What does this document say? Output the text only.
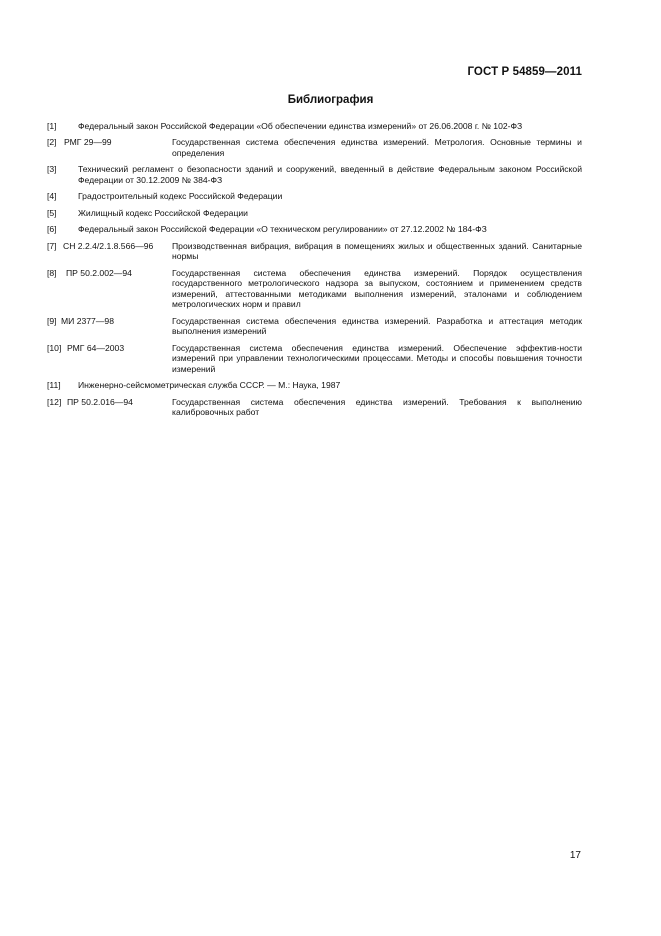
ГОСТ Р 54859—2011
Библиография
[1] Федеральный закон Российской Федерации «Об обеспечении единства измерений» от 26.06.2008 г. № 102-ФЗ
[2] РМГ 29—99	Государственная система обеспечения единства измерений. Метрология. Основные термины и определения
[3] Технический регламент о безопасности зданий и сооружений, введенный в действие Федеральным законом Российской Федерации от 30.12.2009 № 384-ФЗ
[4] Градостроительный кодекс Российской Федерации
[5] Жилищный кодекс Российской Федерации
[6] Федеральный закон Российской Федерации «О техническом регулировании» от 27.12.2002 № 184-ФЗ
[7] СН 2.2.4/2.1.8.566—96 Производственная вибрация, вибрация в помещениях жилых и общественных зданий. Санитарные нормы
[8] ПР 50.2.002—94	Государственная система обеспечения единства измерений. Порядок осуществления государственного метрологического надзора за выпуском, состоянием и применением средств измерений, аттестованными методиками выполнения измерений, эталонами и соблюдением метрологических норм и правил
[9] МИ 2377—98	Государственная система обеспечения единства измерений. Разработка и аттестация методик выполнения измерений
[10] РМГ 64—2003	Государственная система обеспечения единства измерений. Обеспечение эффектив-ности измерений при управлении технологическими процессами. Методы и способы повышения точности измерений
[11] Инженерно-сейсмометрическая служба СССР. — М.: Наука, 1987
[12] ПР 50.2.016—94	Государственная система обеспечения единства измерений. Требования к выполнению калибровочных работ
17
